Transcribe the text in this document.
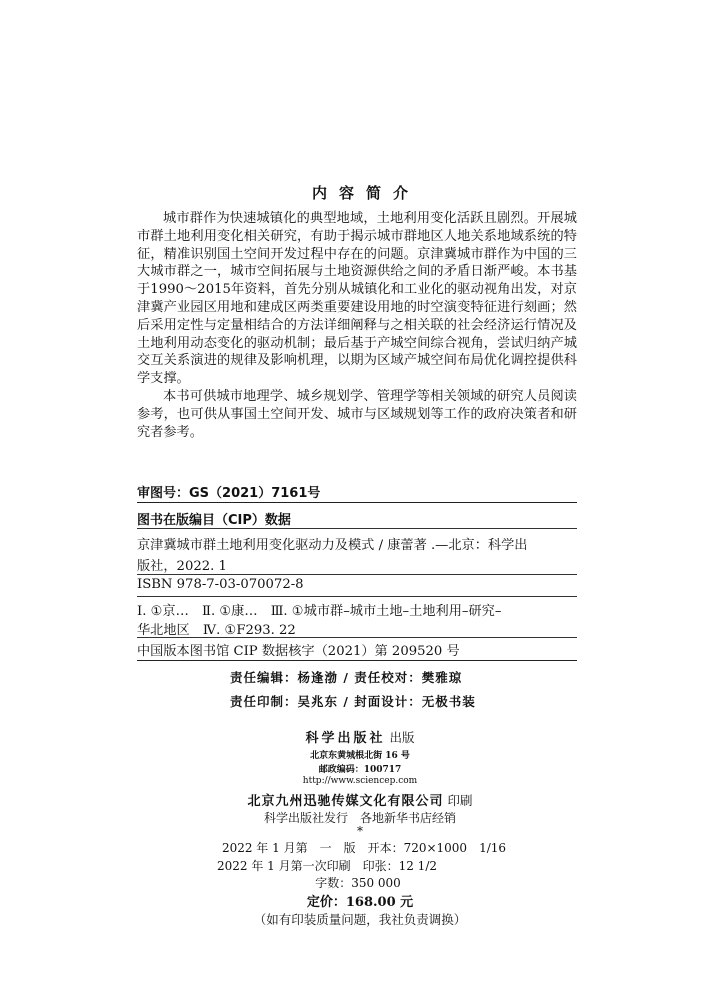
内容简介

城市群作为快速城镇化的典型地域，土地利用变化活跃且剧烈。开展城市群土地利用变化相关研究，有助于揭示城市群地区人地关系地域系统的特征，精准识别国土空间开发过程中存在的问题。京津冀城市群作为中国的三大城市群之一，城市空间拓展与土地资源供给之间的矛盾日渐严峻。本书基于1990～2015年资料，首先分别从城镇化和工业化的驱动视角出发，对京津冀产业园区用地和建成区两类重要建设用地的时空演变特征进行刻画；然后采用定性与定量相结合的方法详细阐释与之相关联的社会经济运行情况及土地利用动态变化的驱动机制；最后基于产城空间综合视角，尝试归纳产城交互关系演进的规律及影响机理，以期为区域产城空间布局优化调控提供科学支撑。

本书可供城市地理学、城乡规划学、管理学等相关领域的研究人员阅读参考，也可供从事国土空间开发、城市与区域规划等工作的政府决策者和研究者参考。

审图号：GS（2021）7161号
图书在版编目（CIP）数据
京津冀城市群土地利用变化驱动力及模式 / 康蕾著 .—北京：科学出
版社，2022. 1
ISBN 978-7-03-070072-8
Ⅰ. ①京…　Ⅱ. ①康…　Ⅲ. ①城市群–城市土地–土地利用–研究–
华北地区　Ⅳ. ①F293. 22
中国版本图书馆 CIP 数据核字（2021）第 209520 号
责任编辑：杨逢渤 / 责任校对：樊雅琼
责任印制：吴兆东 / 封面设计：无极书装
科学出版社 出版
北京东黄城根北街 16 号
邮政编码：100717
http://www.sciencep.com
北京九州迅驰传媒文化有限公司 印刷
科学出版社发行　各地新华书店经销
*
2022 年 1 月第　一　版　开本：720×1000　1/16
2022 年 1 月第一次印刷　印张：12 1/2
字数：350 000
定价：168.00 元
（如有印装质量问题，我社负责调换）
